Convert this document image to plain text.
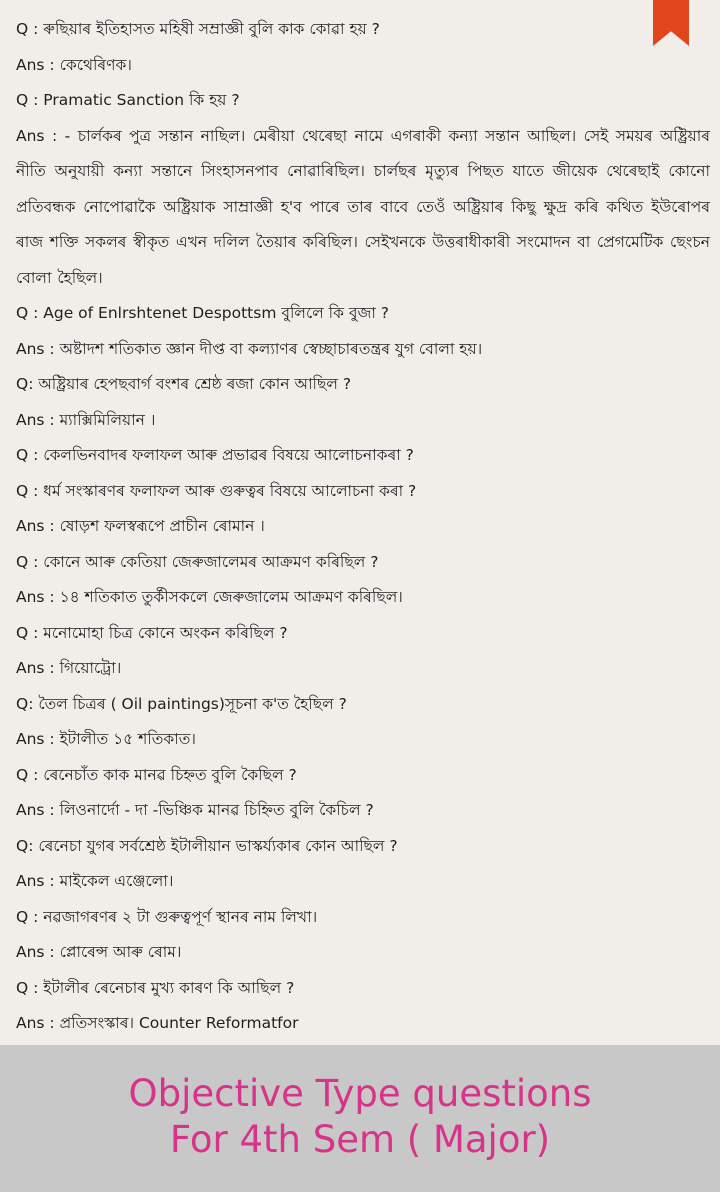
Q : ৰুছিয়াৰ ইতিহাসত মহিষী সম্ৰাজ্ঞী বুলি কাক কোৱা হয় ?
Ans : কেথেৰিণক।
Q : Pramatic Sanction কি হয় ?
Ans : - চাৰ্লকৰ পুত্ৰ সন্তান নাছিল। মেৰীয়া থেৰেছা নামে এগৰাকী কন্যা সন্তান আছিল। সেই সময়ৰ অষ্ট্ৰিয়াৰ নীতি অনুযায়ী কন্যা সন্তানে সিংহাসনপাব নোৱাৰিছিল। চাৰ্লছৰ মৃত্যুৰ পিছত যাতে জীয়েক থেৰেছাই কোনো প্ৰতিবন্ধক নোপোৱাকৈ অষ্ট্ৰিয়াক সাম্ৰাজ্ঞী হ'ব পাৰে তাৰ বাবে তেওঁ অষ্ট্ৰিয়াৰ কিছু ক্ষুদ্ৰ কৰি কথিত ইউৰোপৰ ৰাজ শক্তি সকলৰ স্বীকৃত এখন দলিল তৈয়াৰ কৰিছিল। সেইখনকে উত্তৰাধীকাৰী সংমোদন বা প্ৰেগমেটিক ছেংচন বোলা হৈছিল।
Q : Age of Enlrshtenet Despottsm বুলিলে কি বুজা ?
Ans : অষ্টাদশ শতিকাত জ্ঞান দীপ্ত বা কল্যাণৰ স্বেচ্ছাচাৰতন্ত্ৰৰ যুগ বোলা হয়।
Q: অষ্ট্ৰিয়াৰ হেপছবাৰ্গ বংশৰ শ্ৰেষ্ঠ ৰজা কোন আছিল ?
Ans : ম্যাক্সিমিলিয়ান ।
Q : কেলভিনবাদৰ ফলাফল আৰু প্ৰভাৱৰ বিষয়ে আলোচনাকৰা ?
Q : ধৰ্ম সংস্কাৰণৰ ফলাফল আৰু গুৰুত্বৰ বিষয়ে আলোচনা কৰা ?
Ans : ষোড়শ ফলস্বৰূপে প্ৰাচীন ৰোমান ।
Q : কোনে আৰু কেতিয়া জেৰুজালেমৰ আক্ৰমণ কৰিছিল ?
Ans : ১৪ শতিকাত তুৰ্কীসকলে জেৰুজালেম আক্ৰমণ কৰিছিল।
Q : মনোমোহা চিত্ৰ কোনে অংকন কৰিছিল ?
Ans : গিয়োট্ৰো।
Q: তৈল চিত্ৰৰ ( Oil paintings)সূচনা ক'ত হৈছিল ?
Ans : ইটালীত ১৫ শতিকাত।
Q : ৰেনেচাঁত কাক মানৱ চিহ্নত বুলি কৈছিল ?
Ans : লিওনাৰ্দো - দা -ভিঞ্চিক মানৱ চিহ্নিত বুলি কৈচিল ?
Q: ৰেনেচা যুগৰ সৰ্বশ্ৰেষ্ঠ ইটালীয়ান ভাস্কৰ্য্যকাৰ কোন আছিল ?
Ans : মাইকেল এঞ্জেলো।
Q : নৱজাগৰণৰ ২ টা গুৰুত্বপূৰ্ণ স্থানৰ নাম লিখা।
Ans : প্লোৰেন্স আৰু ৰোম।
Q : ইটালীৰ ৰেনেচাৰ মুখ্য কাৰণ কি আছিল ?
Ans : প্ৰতিসংস্কাৰ। Counter Reformatfor
Objective Type questions
For 4th Sem ( Major)
